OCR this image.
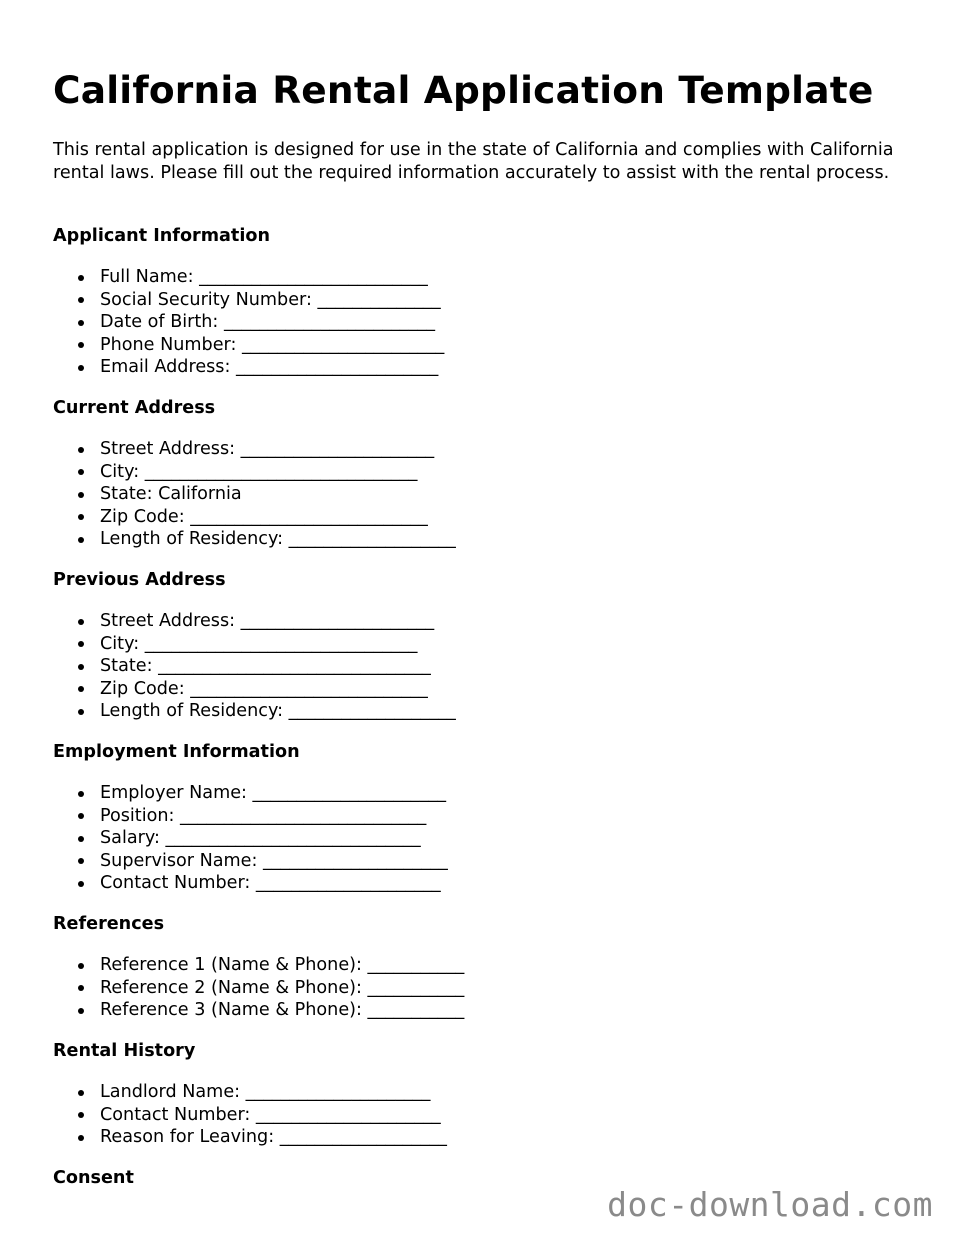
California Rental Application Template

This rental application is designed for use in the state of California and complies with California rental laws. Please fill out the required information accurately to assist with the rental process.

Applicant Information
Full Name: __________________________
Social Security Number: ______________
Date of Birth: ________________________
Phone Number: _______________________
Email Address: _______________________
Current Address
Street Address: ______________________
City: _______________________________
State: California
Zip Code: ___________________________
Length of Residency: ___________________
Previous Address
Street Address: ______________________
City: _______________________________
State: _______________________________
Zip Code: ___________________________
Length of Residency: ___________________
Employment Information
Employer Name: ______________________
Position: ____________________________
Salary: _____________________________
Supervisor Name: _____________________
Contact Number: _____________________
References
Reference 1 (Name & Phone): ___________
Reference 2 (Name & Phone): ___________
Reference 3 (Name & Phone): ___________
Rental History
Landlord Name: _____________________
Contact Number: _____________________
Reason for Leaving: ___________________
Consent
doc-download.com
